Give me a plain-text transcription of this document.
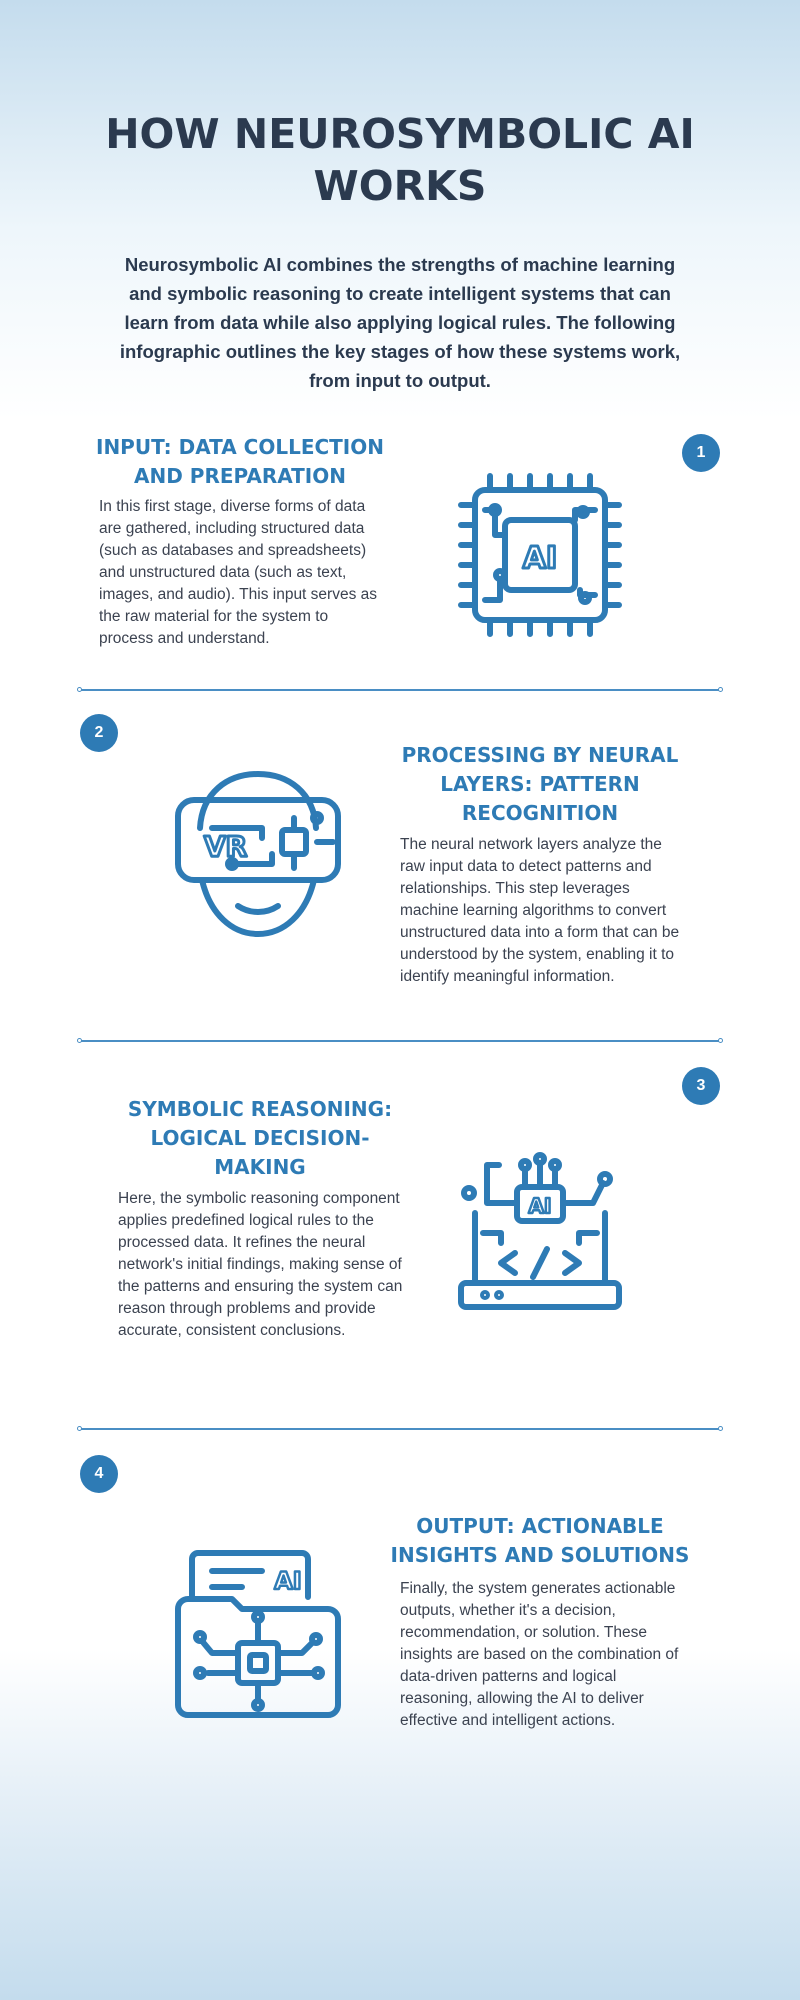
HOW NEUROSYMBOLIC AI WORKS

Neurosymbolic AI combines the strengths of machine learning and symbolic reasoning to create intelligent systems that can learn from data while also applying logical rules. The following infographic outlines the key stages of how these systems work, from input to output.

1
INPUT: DATA COLLECTION AND PREPARATION

In this first stage, diverse forms of data are gathered, including structured data (such as databases and spreadsheets) and unstructured data (such as text, images, and audio). This input serves as the raw material for the system to process and understand.

AI
2
PROCESSING BY NEURAL LAYERS: PATTERN RECOGNITION

The neural network layers analyze the raw input data to detect patterns and relationships. This step leverages machine learning algorithms to convert unstructured data into a form that can be understood by the system, enabling it to identify meaningful information.

VR
3
SYMBOLIC REASONING: LOGICAL DECISION-MAKING

Here, the symbolic reasoning component applies predefined logical rules to the processed data. It refines the neural network's initial findings, making sense of the patterns and ensuring the system can reason through problems and provide accurate, consistent conclusions.

AI
4
OUTPUT: ACTIONABLE INSIGHTS AND SOLUTIONS

Finally, the system generates actionable outputs, whether it's a decision, recommendation, or solution. These insights are based on the combination of data-driven patterns and logical reasoning, allowing the AI to deliver effective and intelligent actions.

AI
